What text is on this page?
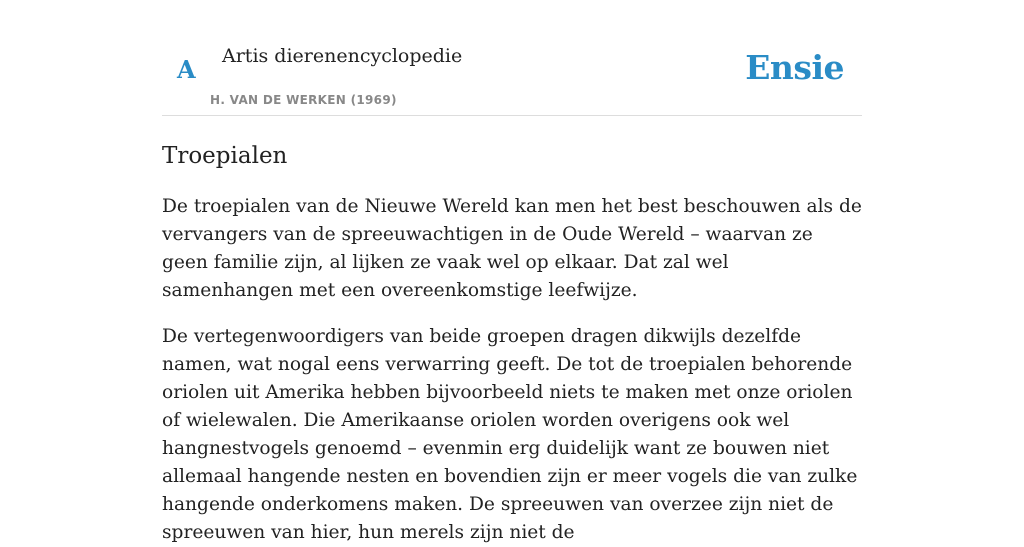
A Artis dierenencyclopedie
H. VAN DE WERKEN (1969)
Ensie
Troepialen

De troepialen van de Nieuwe Wereld kan men het best beschouwen als de vervangers van de spreeuwachtigen in de Oude Wereld – waarvan ze geen familie zijn, al lijken ze vaak wel op elkaar. Dat zal wel samenhangen met een overeenkomstige leefwijze.

De vertegenwoordigers van beide groepen dragen dikwijls dezelfde namen, wat nogal eens verwarring geeft. De tot de troepialen behorende oriolen uit Amerika hebben bijvoorbeeld niets te maken met onze oriolen of wielewalen. Die Amerikaanse oriolen worden overigens ook wel hangnestvogels genoemd – evenmin erg duidelijk want ze bouwen niet allemaal hangende nesten en bovendien zijn er meer vogels die van zulke hangende onderkomens maken. De spreeuwen van overzee zijn niet de spreeuwen van hier, hun merels zijn niet de
